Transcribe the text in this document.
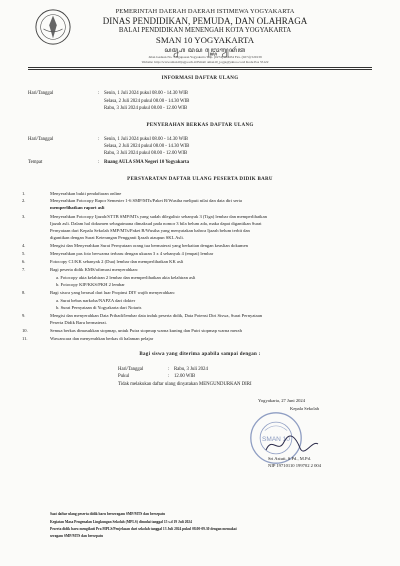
PEMERINTAH DAERAH DAERAH ISTIMEWA YOGYAKARTA
DINAS PENDIDIKAN, PEMUDA, DAN OLAHRAGA
BALAI PENDIDIKAN MENENGAH KOTA YOGYAKARTA
SMAN 10 YOGYAKARTA
ꦱꦩ꧀ꦤ꧀ꦲ ꦢꦱ ꦔ꧀ꦪꦺꦴꦒꦾꦏꦂꦠ
Jalan Gadean No. 5 Ngupasan Yogyakarta Telp. (0274) 462454 Fax. (0274) 520139
Website: http://www.sman10jogja.sch.id Email: sman10_jogja@yahoo.co.id Kode Pos 55122
INFORMASI DAFTAR ULANG
Hari/Tanggal	: Senin, 1 Juli 2024 pukul 08.00 - 14.30 WIB
Selasa, 2 Juli 2024 pukul 08.00 - 14.30 WIB
Rabu, 3 Juli 2024 pukul 08.00 - 12.00 WIB
PENYERAHAN BERKAS DAFTAR ULANG
Hari/Tanggal	: Senin, 1 Juli 2024 pukul 08.00 - 14.30 WIB
Selasa, 2 Juli 2024 pukul 08.00 - 14.30 WIB
Rabu, 3 Juli 2024 pukul 08.00 - 12.00 WIB
Tempat	: Ruang AULA SMA Negeri 10 Yogyakarta
PERSYARATAN DAFTAR ULANG PESERTA DIDIK BARU
1.	Menyerahkan bukti pendaftaran online
2.	Menyerahkan Fotocopy Rapor Semester 1-6 SMP/MTs/Paket B/Wustha meliputi nilai dan data diri serta
memperlihatkan raport asli
3.	Menyerahkan Fotocopy Ijazah/STTB SMP/MTs yang sudah dilegalisir sebanyak 3 (Tiga) lembar dan memperlihatkan
Ijazah asli. Dalam hal dokumen sebagaimana dimaksud pada nomor 3 bila belum ada, maka dapat digantikan Surat
Pernyataan dari Kepala Sekolah SMP/MTs/Paket B/Wustha yang menyatakan bahwa Ijazah belum terbit dan
digantikan dengan Surat Keterangan Pengganti Ijazah ataupun SKL Asli.
4.	Mengisi dan Menyerahkan Surat Pernyataan orang tua bermaterai yang berkaitan dengan keaslian dokumen
5.	Menyerahkan pas foto berwarna terbaru dengan ukuran 3 x 4 sebanyak 4 (empat) lembar
6.	Fotocopy C1/KK sebanyak 2 (Dua) lembar dan memperlihatkan KK asli
7.	Bagi peserta didik KMS/afirmasi menyerahkan:
a. Fotocopy akta kelahiran 2 lembar dan memperlihatkan akta kelahiran asli
b. Fotocopy KIP/KKS/PKH 2 lembar
8.	Bagi siswa yang berasal dari luar Propinsi DIY wajib menyerahkan:
a. Surat bebas narkoba/NAPZA dari dokter
b. Surat Pernyataan di Yogyakarta dari Notaris
9.	Mengisi dan menyerahkan Data Pribadi/lembar data induk peserta didik, Data Potensi Diri Siswa, Surat Pernyataan
Peserta Didik Baru bermaterai.
10.	Semua berkas dimasukkan stopmap, untuk Putra stopmap warna kuning dan Putri stopmap warna merah
11.	Wawancara dan menyerahkan berkas di halaman pelajar
Bagi siswa yang diterima apabila sampai dengan :
Hari/Tanggal	: Rabu, 3 Juli 2024
Pukul	: 12.00 WIB
Tidak melakukan daftar ulang dinyatakan MENGUNDURKAN DIRI
Yogyakarta, 27 Juni 2024
Kepala Sekolah
SMAN 10
Sri Astuti, S.Pd., M.Pd.
NIP 19710110 199702 2 004
Saat daftar ulang peserta didik baru berseragam SMP/MTS dan bersepatu
Kegiatan Masa Pengenalan Lingkungan Sekolah (MPLS) dimulai tanggal 15 s.d 19 Juli 2024
Peserta didik baru mengikuti Pra MPLS/Penjelasan dari sekolah tanggal 13 Juli 2024 pukul 08.00-09.30 dengan memakai
seragam SMP/MTS dan bersepatu
